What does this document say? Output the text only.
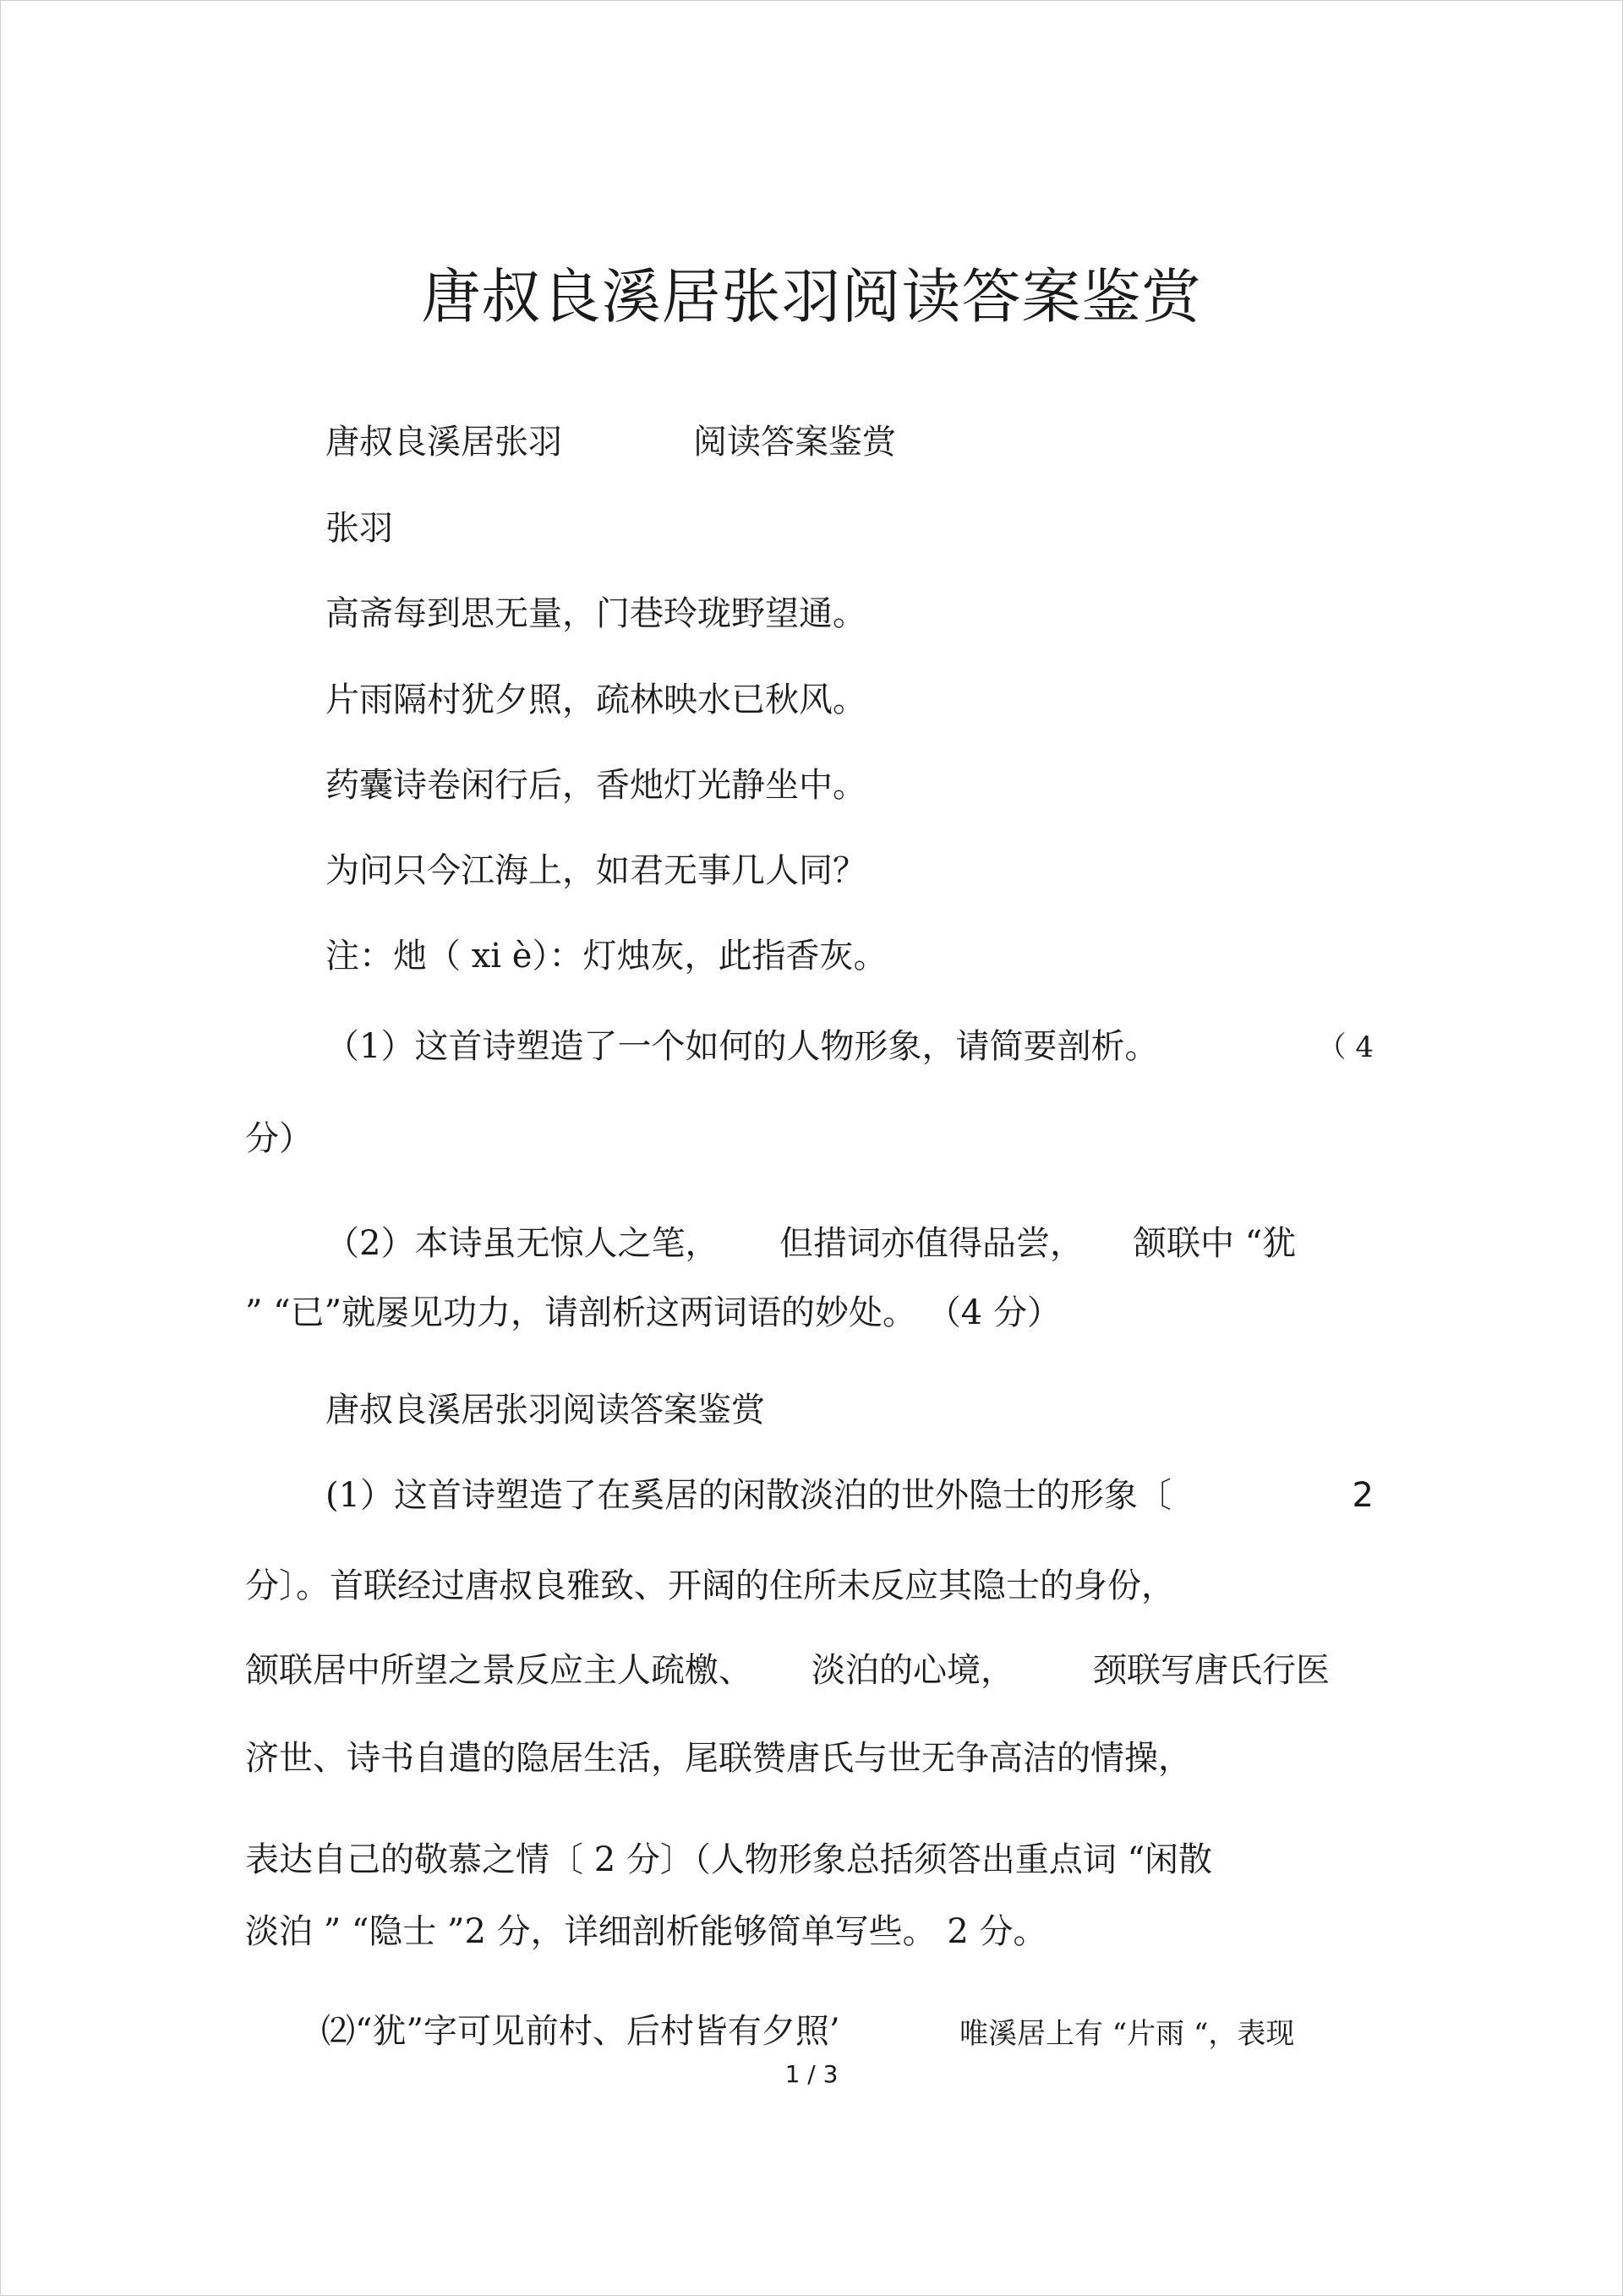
唐叔良溪居张羽阅读答案鉴赏
唐叔良溪居张羽	阅读答案鉴赏
张羽
高斋每到思无量，门巷玲珑野望通。
片雨隔村犹夕照，疏林映水已秋风。
药囊诗卷闲行后，香灺灯光静坐中。
为问只今江海上，如君无事几人同？
注：灺（ xi è）：灯烛灰，此指香灰。
（1）这首诗塑造了一个如何的人物形象，请简要剖析。	（ 4
分）
（2）本诗虽无惊人之笔， 但措词亦值得品尝， 颔联中 “犹
” “已”就屡见功力，请剖析这两词语的妙处。 （4 分）
唐叔良溪居张羽阅读答案鉴赏
(1）这首诗塑造了在奚居的闲散淡泊的世外隐士的形象〔	2
分〕。首联经过唐叔良雅致、开阔的住所未反应其隐士的身份，
颔联居中所望之景反应主人疏檄、 淡泊的心境， 颈联写唐氏行医
济世、诗书自遣的隐居生活，尾联赞唐氏与世无争高洁的情操，
表达自己的敬慕之情〔 2 分〕（人物形象总括须答出重点词 “闲散
淡泊 ” “隐士 ”2 分，详细剖析能够简单写些。 2 分。
⑵“犹”字可见前村、后村皆有夕照’	唯溪居上有 “片雨 “，表现
1 / 3
